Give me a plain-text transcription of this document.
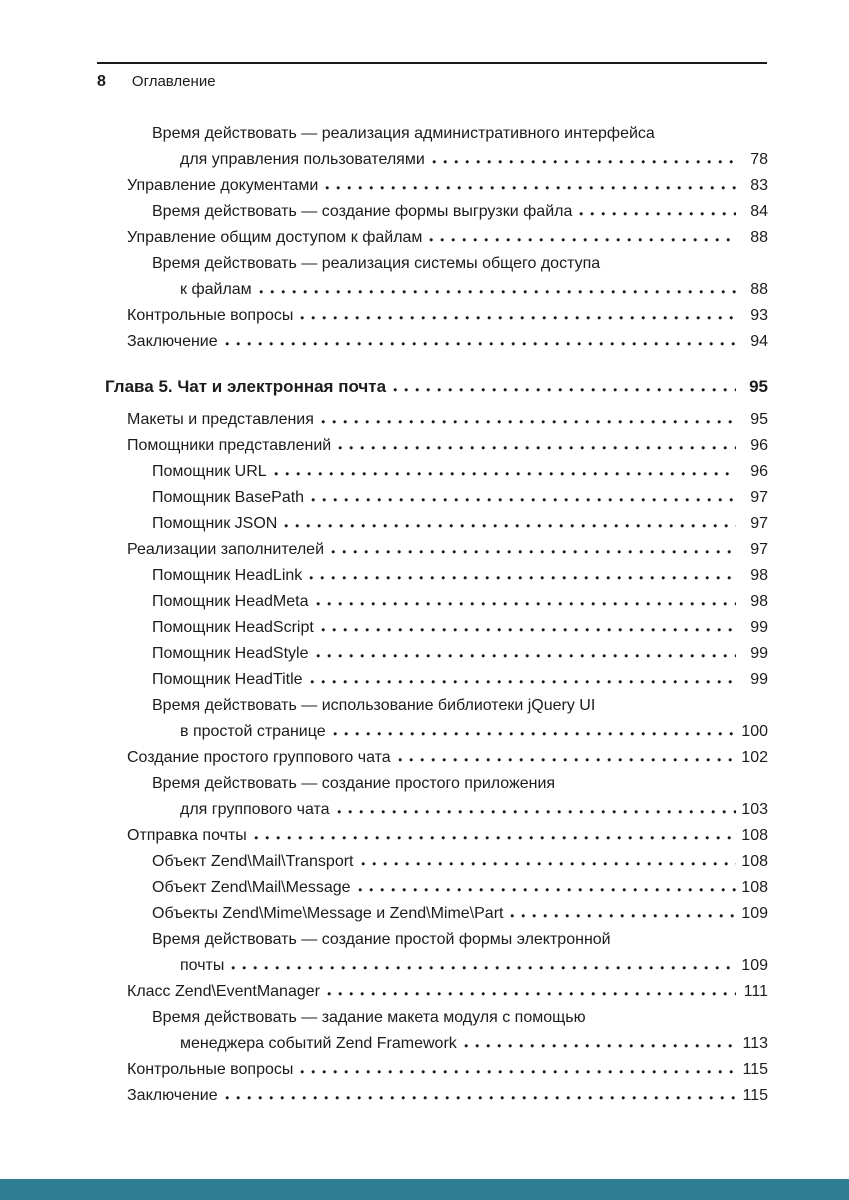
8 Оглавление
Время действовать — реализация административного интерфейса
для управления пользователями	78
Управление документами	83
Время действовать — создание формы выгрузки файла	84
Управление общим доступом к файлам	88
Время действовать — реализация системы общего доступа
к файлам	88
Контрольные вопросы	93
Заключение	94
Глава 5. Чат и электронная почта	95
Макеты и представления	95
Помощники представлений	96
Помощник URL	96
Помощник BasePath	97
Помощник JSON	97
Реализации заполнителей	97
Помощник HeadLink	98
Помощник HeadMeta	98
Помощник HeadScript	99
Помощник HeadStyle	99
Помощник HeadTitle	99
Время действовать — использование библиотеки jQuery UI
в простой странице	100
Создание простого группового чата	102
Время действовать — создание простого приложения
для группового чата	103
Отправка почты	108
Объект Zend\Mail\Transport	108
Объект Zend\Mail\Message	108
Объекты Zend\Mime\Message и Zend\Mime\Part	109
Время действовать — создание простой формы электронной
почты	109
Класс Zend\EventManager	111
Время действовать — задание макета модуля с помощью
менеджера событий Zend Framework	113
Контрольные вопросы	115
Заключение	115
